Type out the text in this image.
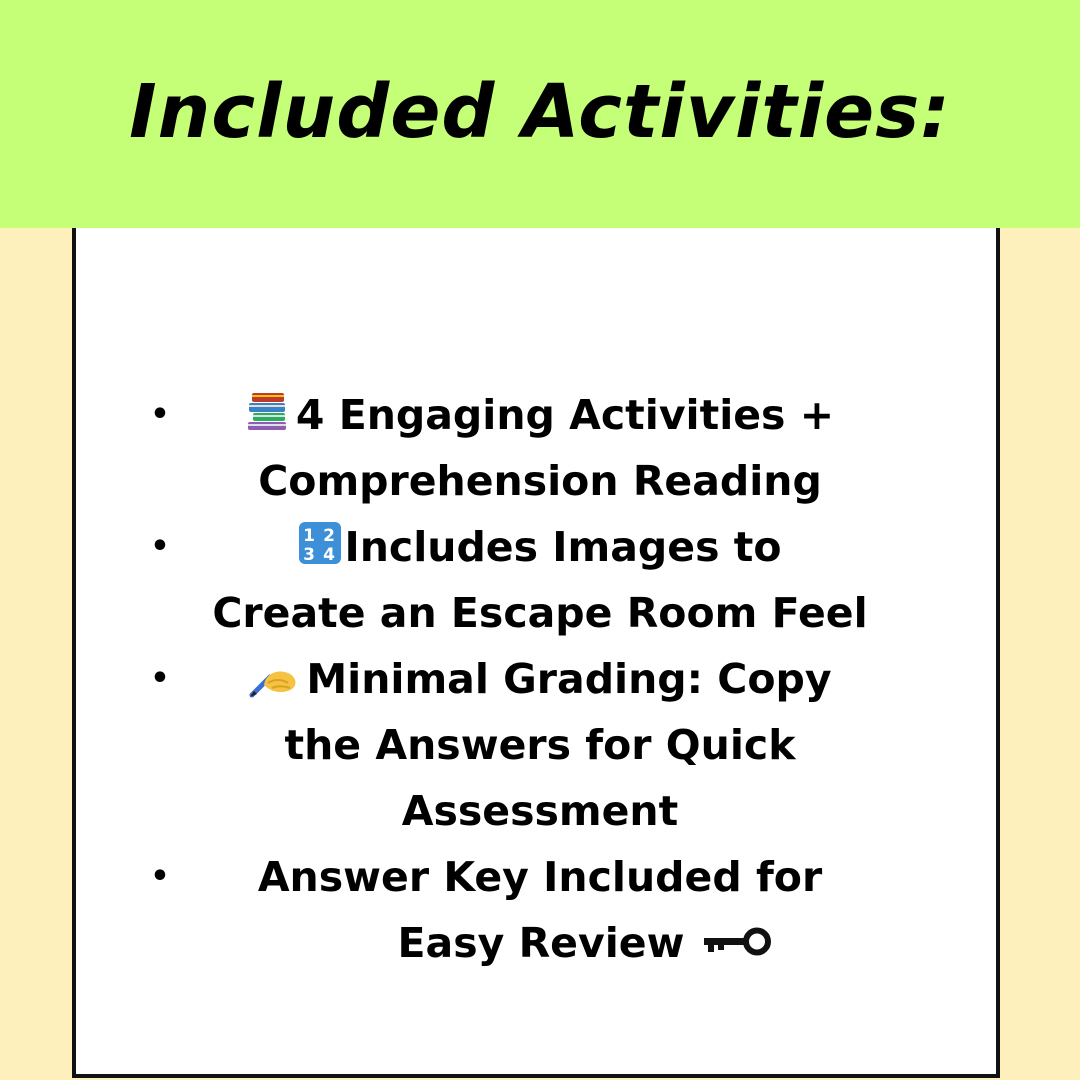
Included Activities:
•	4 Engaging Activities +
Comprehension Reading
•	1 2
3 4 Includes Images to
Create an Escape Room Feel
•	Minimal Grading: Copy
the Answers for Quick
Assessment
•	Answer Key Included for
Easy Review
